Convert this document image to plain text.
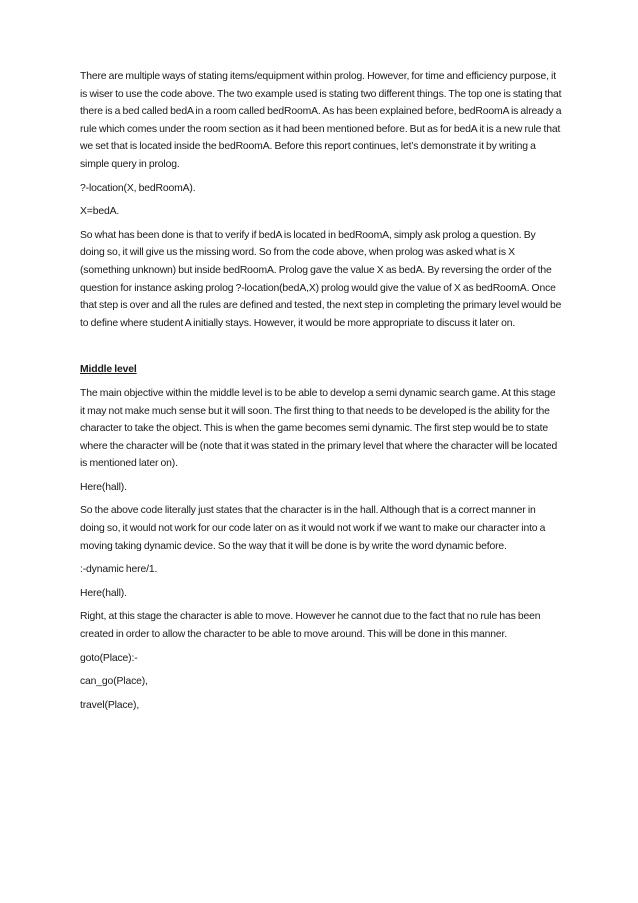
There are multiple ways of stating items/equipment within prolog. However, for time and efficiency purpose, it is wiser to use the code above. The two example used is stating two different things. The top one is stating that there is a bed called bedA in a room called bedRoomA. As has been explained before, bedRoomA is already a rule which comes under the room section as it had been mentioned before. But as for bedA it is a new rule that we set that is located inside the bedRoomA. Before this report continues, let’s demonstrate it by writing a simple query in prolog.

?-location(X, bedRoomA).

X=bedA.

So what has been done is that to verify if bedA is located in bedRoomA, simply ask prolog a question. By doing so, it will give us the missing word. So from the code above, when prolog was asked what is X (something unknown) but inside bedRoomA. Prolog gave the value X as bedA. By reversing the order of the question for instance asking prolog ?-location(bedA,X) prolog would give the value of X as bedRoomA. Once that step is over and all the rules are defined and tested, the next step in completing the primary level would be to define where student A initially stays. However, it would be more appropriate to discuss it later on.

Middle level

The main objective within the middle level is to be able to develop a semi dynamic search game. At this stage it may not make much sense but it will soon. The first thing to that needs to be developed is the ability for the character to take the object. This is when the game becomes semi dynamic. The first step would be to state where the character will be (note that it was stated in the primary level that where the character will be located is mentioned later on).

Here(hall).

So the above code literally just states that the character is in the hall. Although that is a correct manner in doing so, it would not work for our code later on as it would not work if we want to make our character into a moving taking dynamic device. So the way that it will be done is by write the word dynamic before.

:-dynamic here/1.

Here(hall).

Right, at this stage the character is able to move. However he cannot due to the fact that no rule has been created in order to allow the character to be able to move around. This will be done in this manner.

goto(Place):-

can_go(Place),

travel(Place),
